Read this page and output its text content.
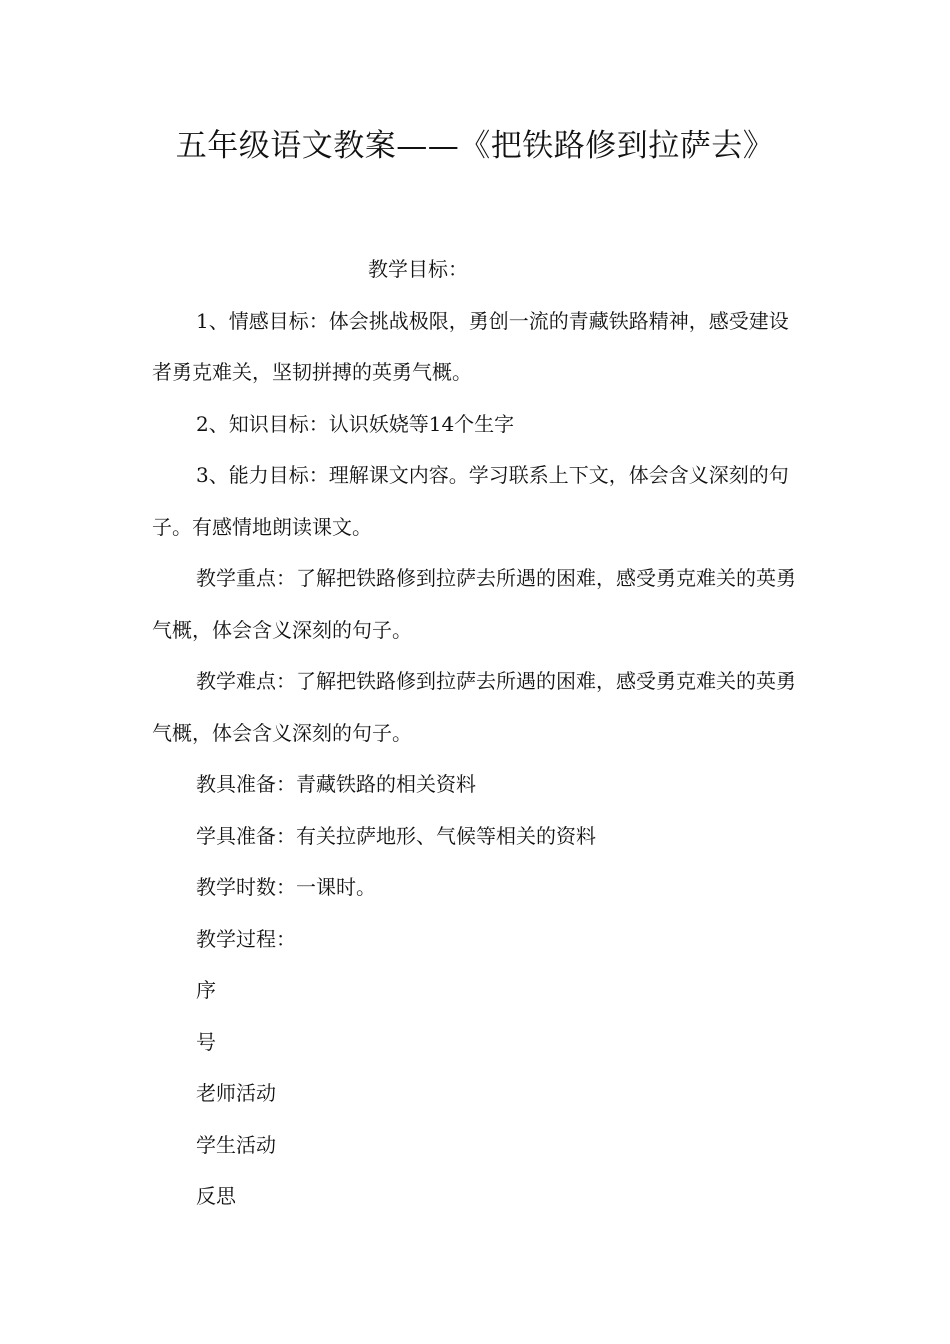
五年级语文教案——《把铁路修到拉萨去》

教学目标：

1、情感目标：体会挑战极限，勇创一流的青藏铁路精神，感受建设者勇克难关，坚韧拼搏的英勇气概。

2、知识目标：认识妖娆等14个生字

3、能力目标：理解课文内容。学习联系上下文，体会含义深刻的句子。有感情地朗读课文。

教学重点：了解把铁路修到拉萨去所遇的困难，感受勇克难关的英勇气概，体会含义深刻的句子。

教学难点：了解把铁路修到拉萨去所遇的困难，感受勇克难关的英勇气概，体会含义深刻的句子。

教具准备：青藏铁路的相关资料

学具准备：有关拉萨地形、气候等相关的资料

教学时数：一课时。

教学过程：

序

号

老师活动

学生活动

反思
